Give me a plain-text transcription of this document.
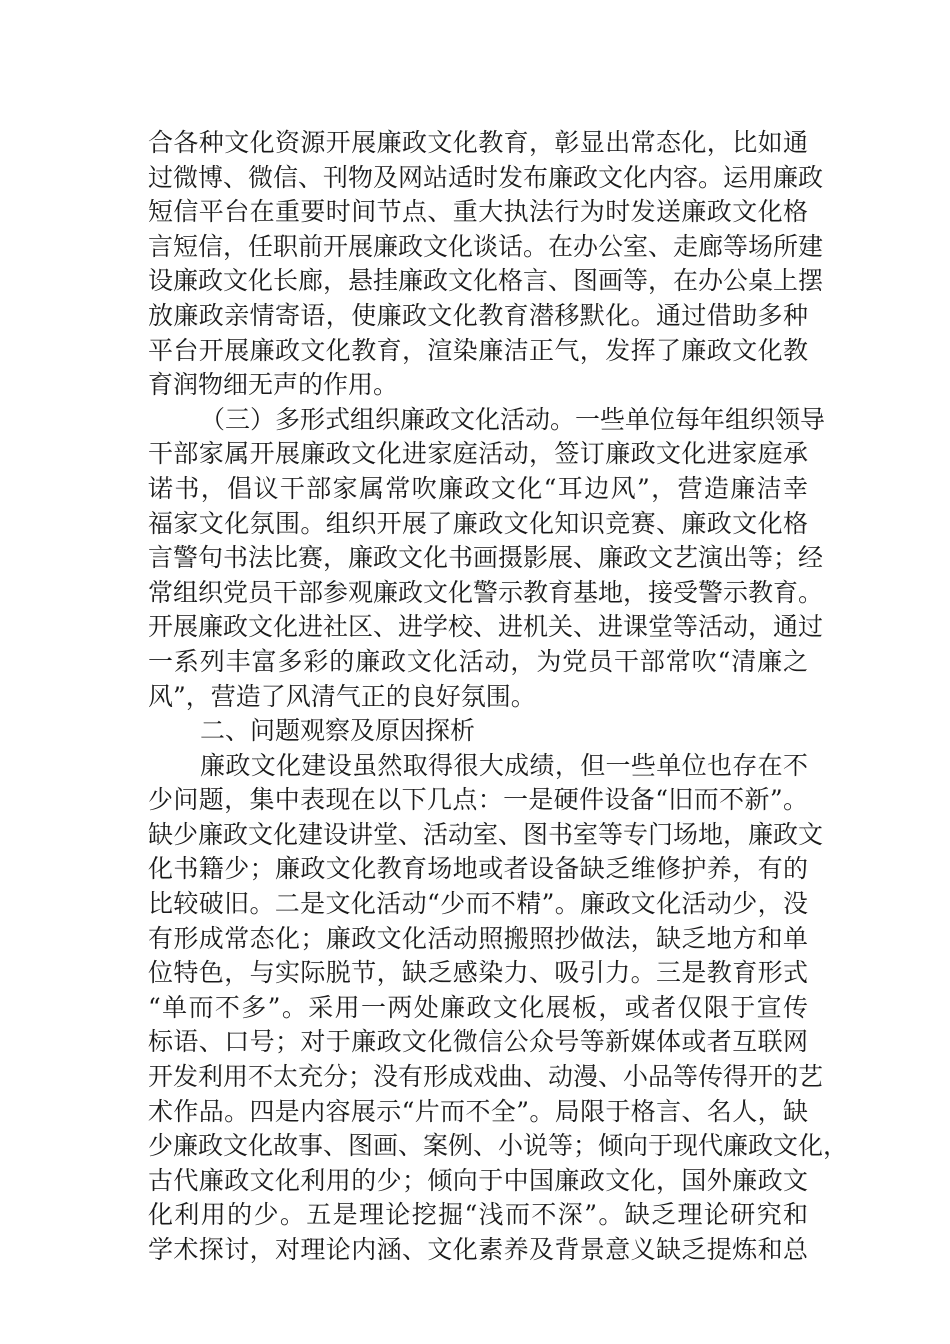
合各种文化资源开展廉政文化教育，彰显出常态化，比如通
过微博、微信、刊物及网站适时发布廉政文化内容。运用廉政
短信平台在重要时间节点、重大执法行为时发送廉政文化格
言短信，任职前开展廉政文化谈话。在办公室、走廊等场所建
设廉政文化长廊，悬挂廉政文化格言、图画等，在办公桌上摆
放廉政亲情寄语，使廉政文化教育潜移默化。通过借助多种
平台开展廉政文化教育，渲染廉洁正气，发挥了廉政文化教
育润物细无声的作用。
（三）多形式组织廉政文化活动。一些单位每年组织领导
干部家属开展廉政文化进家庭活动，签订廉政文化进家庭承
诺书，倡议干部家属常吹廉政文化“耳边风”，营造廉洁幸
福家文化氛围。组织开展了廉政文化知识竞赛、廉政文化格
言警句书法比赛，廉政文化书画摄影展、廉政文艺演出等；经
常组织党员干部参观廉政文化警示教育基地，接受警示教育。
开展廉政文化进社区、进学校、进机关、进课堂等活动，通过
一系列丰富多彩的廉政文化活动，为党员干部常吹“清廉之
风”，营造了风清气正的良好氛围。
二、问题观察及原因探析
廉政文化建设虽然取得很大成绩，但一些单位也存在不
少问题，集中表现在以下几点：一是硬件设备“旧而不新”。
缺少廉政文化建设讲堂、活动室、图书室等专门场地，廉政文
化书籍少；廉政文化教育场地或者设备缺乏维修护养，有的
比较破旧。二是文化活动“少而不精”。廉政文化活动少，没
有形成常态化；廉政文化活动照搬照抄做法，缺乏地方和单
位特色，与实际脱节，缺乏感染力、吸引力。三是教育形式
“单而不多”。采用一两处廉政文化展板，或者仅限于宣传
标语、口号；对于廉政文化微信公众号等新媒体或者互联网
开发利用不太充分；没有形成戏曲、动漫、小品等传得开的艺
术作品。四是内容展示“片而不全”。局限于格言、名人，缺
少廉政文化故事、图画、案例、小说等；倾向于现代廉政文化，
古代廉政文化利用的少；倾向于中国廉政文化，国外廉政文
化利用的少。五是理论挖掘“浅而不深”。缺乏理论研究和
学术探讨，对理论内涵、文化素养及背景意义缺乏提炼和总
